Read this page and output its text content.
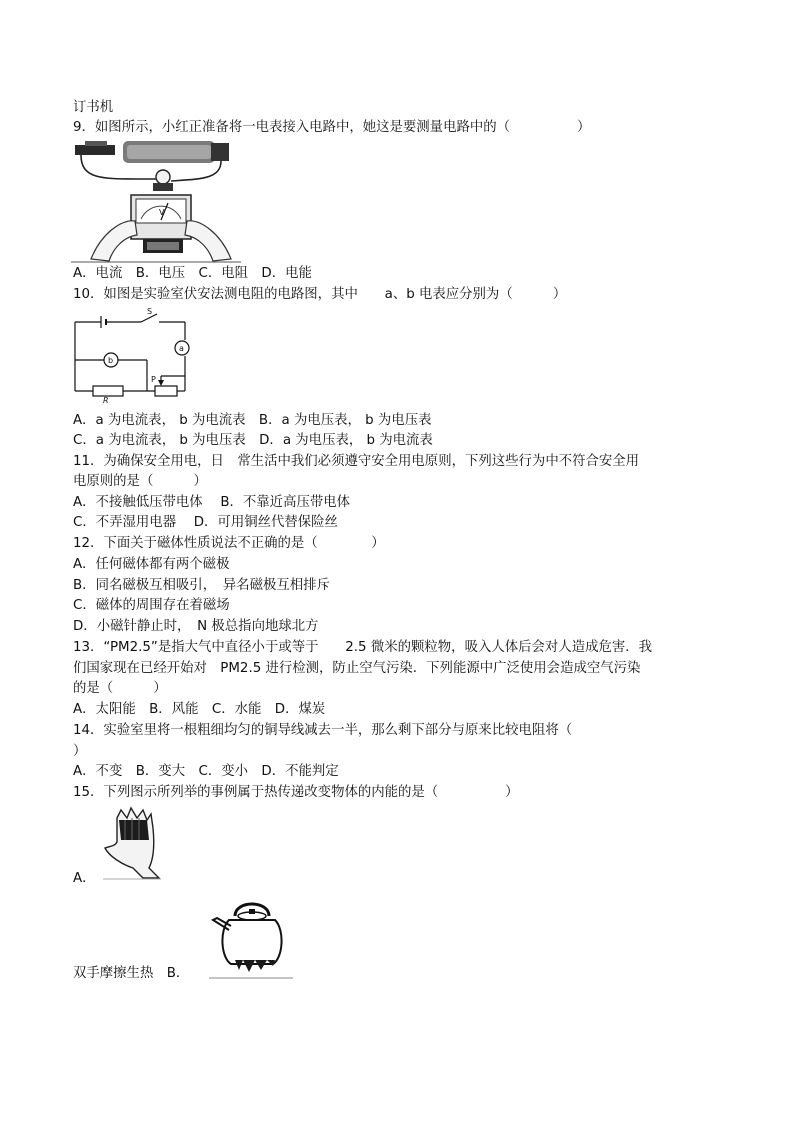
订书机
9．如图所示，小红正准备将一电表接入电路中，她这是要测量电路中的（　　　　　）
V
A．电流　B．电压　C．电阻　D．电能
10．如图是实验室伏安法测电阻的电路图，其中　　a、b 电表应分别为（　　　）
S
a
b
P
R
A．a 为电流表， b 为电流表　B．a 为电压表， b 为电压表
C．a 为电流表， b 为电压表　D．a 为电压表， b 为电流表
11．为确保安全用电，日　常生活中我们必须遵守安全用电原则，下列这些行为中不符合安全用
电原则的是（　　　）
A．不接触低压带电体　 B．不靠近高压带电体
C．不弄湿用电器　 D．可用铜丝代替保险丝
12．下面关于磁体性质说法不正确的是（　　　　）
A．任何磁体都有两个磁极
B．同名磁极互相吸引，　异名磁极互相排斥
C．磁体的周围存在着磁场
D．小磁针静止时，　N 极总指向地球北方
13．“PM2.5”是指大气中直径小于或等于　　2.5 微米的颗粒物，吸入人体后会对人造成危害．我
们国家现在已经开始对　PM2.5 进行检测，防止空气污染．下列能源中广泛使用会造成空气污染
的是（　　　）
A．太阳能　B．风能　C．水能　D．煤炭
14．实验室里将一根粗细均匀的铜导线减去一半，那么剩下部分与原来比较电阻将（
）
A．不变　B．变大　C．变小　D．不能判定
15．下列图示所列举的事例属于热传递改变物体的内能的是（　　　　　）
A．
双手摩擦生热　B．
